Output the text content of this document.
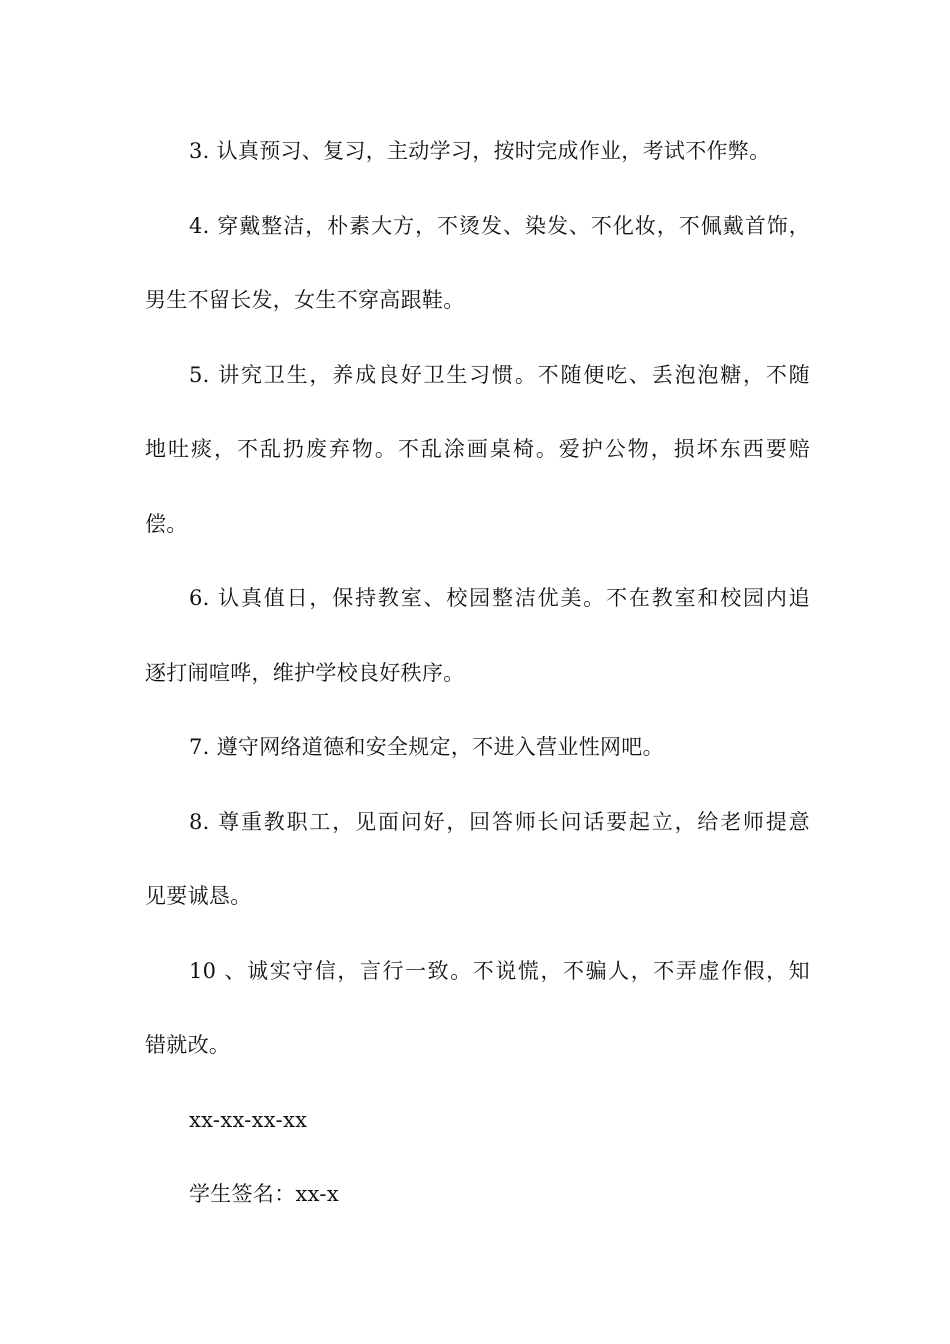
3. 认真预习、复习，主动学习，按时完成作业，考试不作弊。
4. 穿戴整洁，朴素大方，不烫发、染发、不化妆，不佩戴首饰，
男生不留长发，女生不穿高跟鞋。
5. 讲究卫生，养成良好卫生习惯。不随便吃、丢泡泡糖，不随
地吐痰，不乱扔废弃物。不乱涂画桌椅。爱护公物，损坏东西要赔
偿。
6. 认真值日，保持教室、校园整洁优美。不在教室和校园内追
逐打闹喧哗，维护学校良好秩序。
7. 遵守网络道德和安全规定，不进入营业性网吧。
8. 尊重教职工，见面问好，回答师长问话要起立，给老师提意
见要诚恳。
10 、诚实守信，言行一致。不说慌，不骗人，不弄虚作假，知
错就改。
xx-xx-xx-xx
学生签名：xx-x
